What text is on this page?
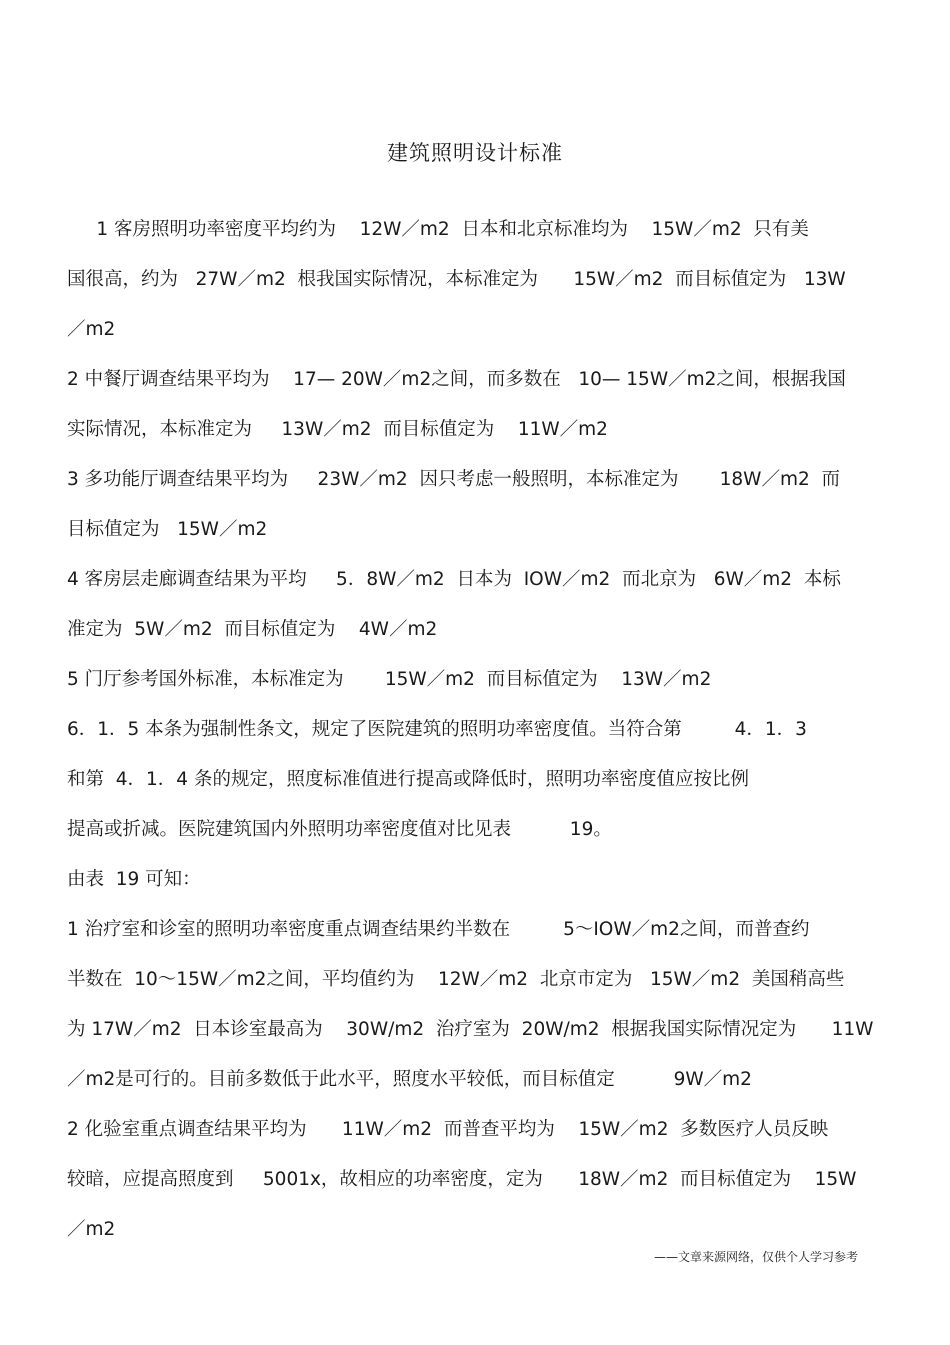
建筑照明设计标准
1 客房照明功率密度平均约为    12W／m2  日本和北京标准均为    15W／m2  只有美
国很高，约为   27W／m2  根我国实际情况，本标准定为      15W／m2  而目标值定为   13W
／m2
2 中餐厅调查结果平均为    17— 20W／m2之间，而多数在   10— 15W／m2之间，根据我国
实际情况，本标准定为     13W／m2  而目标值定为    11W／m2
3 多功能厅调查结果平均为     23W／m2  因只考虑一般照明，本标准定为       18W／m2  而
目标值定为   15W／m2
4 客房层走廊调查结果为平均     5．8W／m2  日本为  IOW／m2  而北京为   6W／m2  本标
准定为  5W／m2  而目标值定为    4W／m2
5 门厅参考国外标准，本标准定为       15W／m2  而目标值定为    13W／m2
6．1．5 本条为强制性条文，规定了医院建筑的照明功率密度值。当符合第         4．1．3
和第  4．1．4 条的规定，照度标准值进行提高或降低时，照明功率密度值应按比例
提高或折减。医院建筑国内外照明功率密度值对比见表          19。
由表  19 可知：
1 治疗室和诊室的照明功率密度重点调查结果约半数在         5～IOW／m2之间，而普查约
半数在  10～15W／m2之间，平均值约为    12W／m2  北京市定为   15W／m2  美国稍高些
为 17W／m2  日本诊室最高为    30W/m2  治疗室为  20W/m2  根据我国实际情况定为      11W
／m2是可行的。目前多数低于此水平，照度水平较低，而目标值定          9W／m2
2 化验室重点调查结果平均为      11W／m2  而普查平均为    15W／m2  多数医疗人员反映
较暗，应提高照度到     5001x，故相应的功率密度，定为      18W／m2  而目标值定为    15W
／m2
——文章来源网络，仅供个人学习参考
